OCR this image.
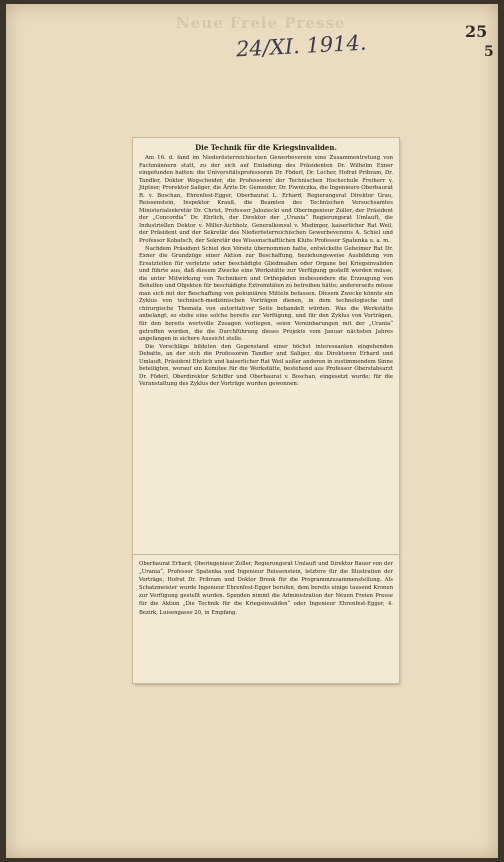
Neue Freie Presse
24/XI. 1914.	25
5
Die Technik für die Kriegsinvaliden.

Am 16. d. fand im Niederösterreichischen Gewerbeverein eine Zusammentretung von Fachmännern statt, zu der sich auf Einladung des Präsidenten Dr. Wilhelm Exner eingefunden hatten: die Universitätsprofessoren Dr. Föderl, Dr. Lecher, Hofrat Pribram, Dr. Tandler, Doktor Wegscheider, die Professoren der Technischen Hochschule Freiherr v. Jüptner, Prorektor Saliger, die Ärzte Dr. Gemeider, Dr. Piwniczka, die Ingenieure Oberbaurat R. v. Boschan, Ehrenfest-Egger, Oberbaurat L. Erhard, Regierungsrat Direktor Grau, Reissenstein, Inspektor Krauß, die Beamten des Technischen Versuchsamtes Ministerialsekretär Dr. Christ, Professor Jaloziecki und Oberingenieur Zoller, der Präsident der „Concordia“ Dr. Ehrlich, der Direktor der „Urania“ Regierungsrat Umlauft, die Industriellen Doktor v. Miller-Aichholz, Generalkonsul v. Medinger, kaiserlicher Rat Weil, der Präsident und der Sekretär des Niederösterreichischen Gewerbevereins A. Schiel und Professor Kobatsch, der Sekretär des Wissenschaftlichen Klubs Professor Spatenka u. a. m.

Nachdem Präsident Schiel den Vorsitz übernommen hatte, entwickelte Geheimer Rat Dr. Exner die Grundzüge einer Aktion zur Beschaffung, beziehungsweise Ausbildung von Ersatzteilen für verletzte oder beschädigte Gliedmaßen oder Organe bei Kriegsinvaliden und führte aus, daß diesem Zwecke eine Werkstätte zur Verfügung gestellt werden müsse, die unter Mitwirkung von Technikern und Orthopäden insbesondere die Erzeugung von Behelfen und Objekten für beschädigte Extremitäten zu betreiben hätte; andererseits müsse man sich mit der Beschaffung von pekuniären Mitteln befassen. Diesem Zwecke könnte ein Zyklus von technisch-medizinischen Vorträgen dienen, in dem technologische und chirurgische Themata von autoritativer Seite behandelt würden. Was die Werkstätte anbelangt, so stehe eine solche bereits zur Verfügung, und für den Zyklus von Vorträgen, für den bereits wertvolle Zusagen vorliegen, seien Vereinbarungen mit der „Urania“ getroffen worden, die die Durchführung dieses Projekts vom Januar nächsten Jahres angefangen in sichere Aussicht stelle.

Die Vorschläge bildeten den Gegenstand einer höchst interessanten eingehenden Debatte, an der sich die Professoren Tandler und Saliger, die Direktoren Erhard und Umlauft, Präsident Ehrlich und kaiserlicher Rat Weil außer anderen in zustimmendem Sinne beteiligten, worauf ein Komitee für die Werkstätte, bestehend aus Professor Oberstabsarzt Dr. Föderl, Oberdirektor Schiffer und Oberbaurat v. Boschan, eingesetzt wurde; für die Veranstaltung des Zyklus der Vorträge wurden gewonnen:

Oberbaurat Erhard, Oberingenieur Zoller, Regierungsrat Umlauft und Direktor Bauer von der „Urania“, Professor Spatenka und Ingenieur Reissenstein, letztere für die Illustration der Vorträge, Hofrat Dr. Pribram und Doktor Brenk für die Programmzusammenstellung. Als Schatzmeister wurde Ingenieur Ehrenfest-Egger berufen, dem bereits einige tausend Kronen zur Verfügung gestellt wurden. Spenden nimmt die Administration der Neuen Freien Presse für die Aktion „Die Technik für die Kriegsinvaliden“ oder Ingenieur Ehrenfest-Egger, 4. Bezirk, Luisengasse 20, in Empfang.
